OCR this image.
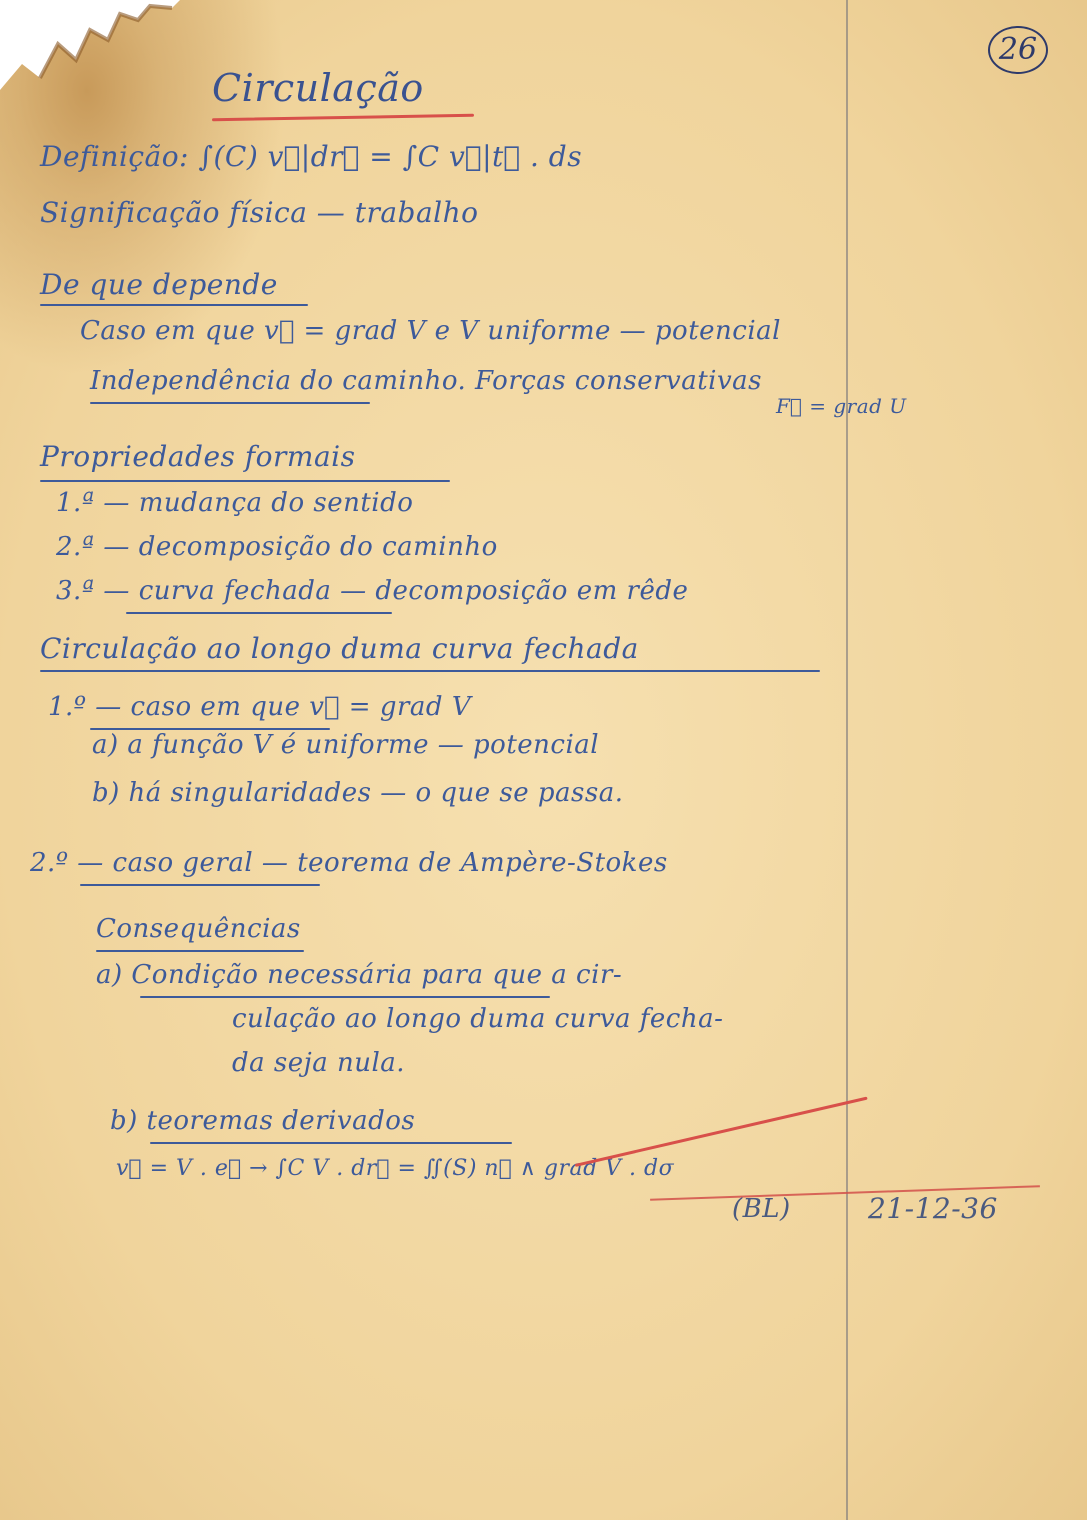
26
Circulação
Definição: ∫(C) v⃗|dr⃗ = ∫C v⃗|t⃗ . ds
Significação física — trabalho
De que depende
Caso em que v⃗ = grad V e V uniforme — potencial
Independência do caminho. Forças conservativas
F⃗ = grad U
Propriedades formais
1.ª — mudança do sentido
2.ª — decomposição do caminho
3.ª — curva fechada — decomposição em rêde
Circulação ao longo duma curva fechada
1.º — caso em que v⃗ = grad V
a) a função V é uniforme — potencial
b) há singularidades — o que se passa.
2.º — caso geral — teorema de Ampère-Stokes
Consequências
a) Condição necessária para que a cir-
culação ao longo duma curva fecha-
da seja nula.
b) teoremas derivados
v⃗ = V . e⃗ → ∫C V . dr⃗ = ∬(S) n⃗ ∧ grad V . dσ
(BL)	21-12-36
